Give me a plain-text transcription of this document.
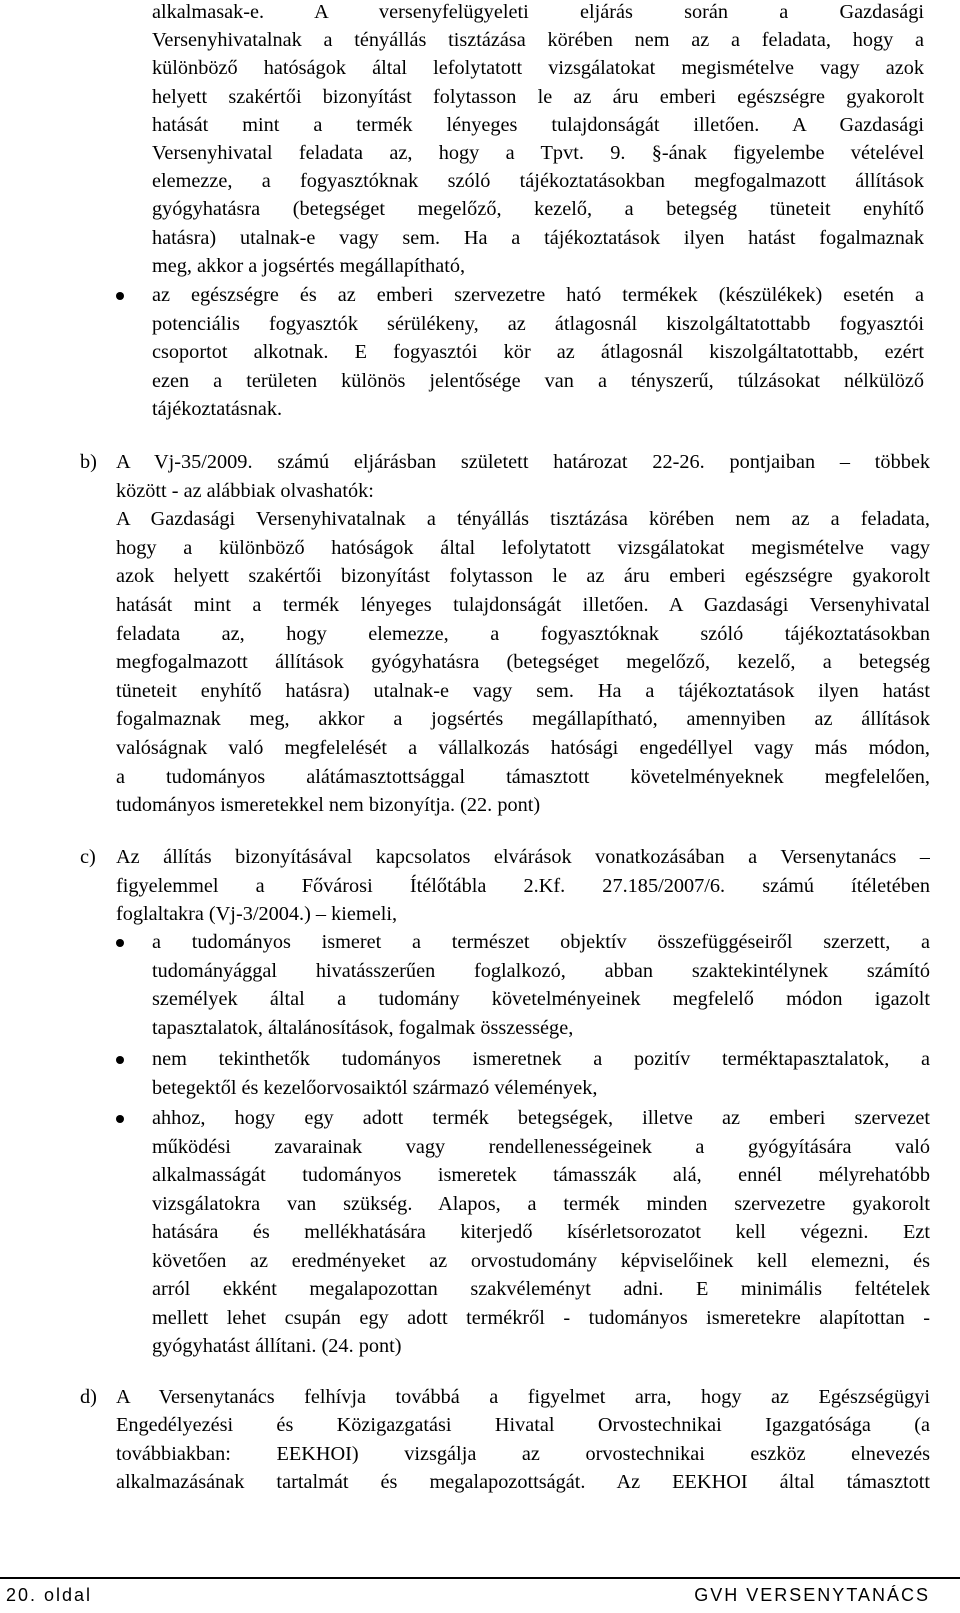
20. oldal	GVH VERSENYTANÁCS
alkalmasak-e. A versenyfelügyeleti eljárás során a Gazdasági
Versenyhivatalnak a tényállás tisztázása körében nem az a feladata, hogy a
különböző hatóságok által lefolytatott vizsgálatokat megismételve vagy azok
helyett szakértői bizonyítást folytasson le az áru emberi egészségre gyakorolt
hatását mint a termék lényeges tulajdonságát illetően. A Gazdasági
Versenyhivatal feladata az, hogy a Tpvt. 9. §-ának figyelembe vételével
elemezze, a fogyasztóknak szóló tájékoztatásokban megfogalmazott állítások
gyógyhatásra (betegséget megelőző, kezelő, a betegség tüneteit enyhítő
hatásra) utalnak-e vagy sem. Ha a tájékoztatások ilyen hatást fogalmaznak
meg, akkor a jogsértés megállapítható,
az egészségre és az emberi szervezetre ható termékek (készülékek) esetén a
potenciális fogyasztók sérülékeny, az átlagosnál kiszolgáltatottabb fogyasztói
csoportot alkotnak. E fogyasztói kör az átlagosnál kiszolgáltatottabb, ezért
ezen a területen különös jelentősége van a tényszerű, túlzásokat nélkülöző
tájékoztatásnak.
b) A Vj-35/2009. számú eljárásban született határozat 22-26. pontjaiban – többek
között - az alábbiak olvashatók:
A Gazdasági Versenyhivatalnak a tényállás tisztázása körében nem az a feladata,
hogy a különböző hatóságok által lefolytatott vizsgálatokat megismételve vagy
azok helyett szakértői bizonyítást folytasson le az áru emberi egészségre gyakorolt
hatását mint a termék lényeges tulajdonságát illetően. A Gazdasági Versenyhivatal
feladata az, hogy elemezze, a fogyasztóknak szóló tájékoztatásokban
megfogalmazott állítások gyógyhatásra (betegséget megelőző, kezelő, a betegség
tüneteit enyhítő hatásra) utalnak-e vagy sem. Ha a tájékoztatások ilyen hatást
fogalmaznak meg, akkor a jogsértés megállapítható, amennyiben az állítások
valóságnak való megfelelését a vállalkozás hatósági engedéllyel vagy más módon,
a tudományos alátámasztottsággal támasztott követelményeknek megfelelően,
tudományos ismeretekkel nem bizonyítja. (22. pont)
c) Az állítás bizonyításával kapcsolatos elvárások vonatkozásában a Versenytanács –
figyelemmel a Fővárosi Ítélőtábla 2.Kf. 27.185/2007/6. számú ítéletében
foglaltakra (Vj-3/2004.) – kiemeli,
a tudományos ismeret a természet objektív összefüggéseiről szerzett, a
tudományággal hivatásszerűen foglalkozó, abban szaktekintélynek számító
személyek által a tudomány követelményeinek megfelelő módon igazolt
tapasztalatok, általánosítások, fogalmak összessége,
nem tekinthetők tudományos ismeretnek a pozitív terméktapasztalatok, a
betegektől és kezelőorvosaiktól származó vélemények,
ahhoz, hogy egy adott termék betegségek, illetve az emberi szervezet
működési zavarainak vagy rendellenességeinek a gyógyítására való
alkalmasságát tudományos ismeretek támasszák alá, ennél mélyrehatóbb
vizsgálatokra van szükség. Alapos, a termék minden szervezetre gyakorolt
hatására és mellékhatására kiterjedő kísérletsorozatot kell végezni. Ezt
követően az eredményeket az orvostudomány képviselőinek kell elemezni, és
arról ekként megalapozottan szakvéleményt adni. E minimális feltételek
mellett lehet csupán egy adott termékről - tudományos ismeretekre alapítottan -
gyógyhatást állítani. (24. pont)
d) A Versenytanács felhívja továbbá a figyelmet arra, hogy az Egészségügyi
Engedélyezési és Közigazgatási Hivatal Orvostechnikai Igazgatósága (a
továbbiakban: EEKHOI) vizsgálja az orvostechnikai eszköz elnevezés
alkalmazásának tartalmát és megalapozottságát. Az EEKHOI által támasztott
